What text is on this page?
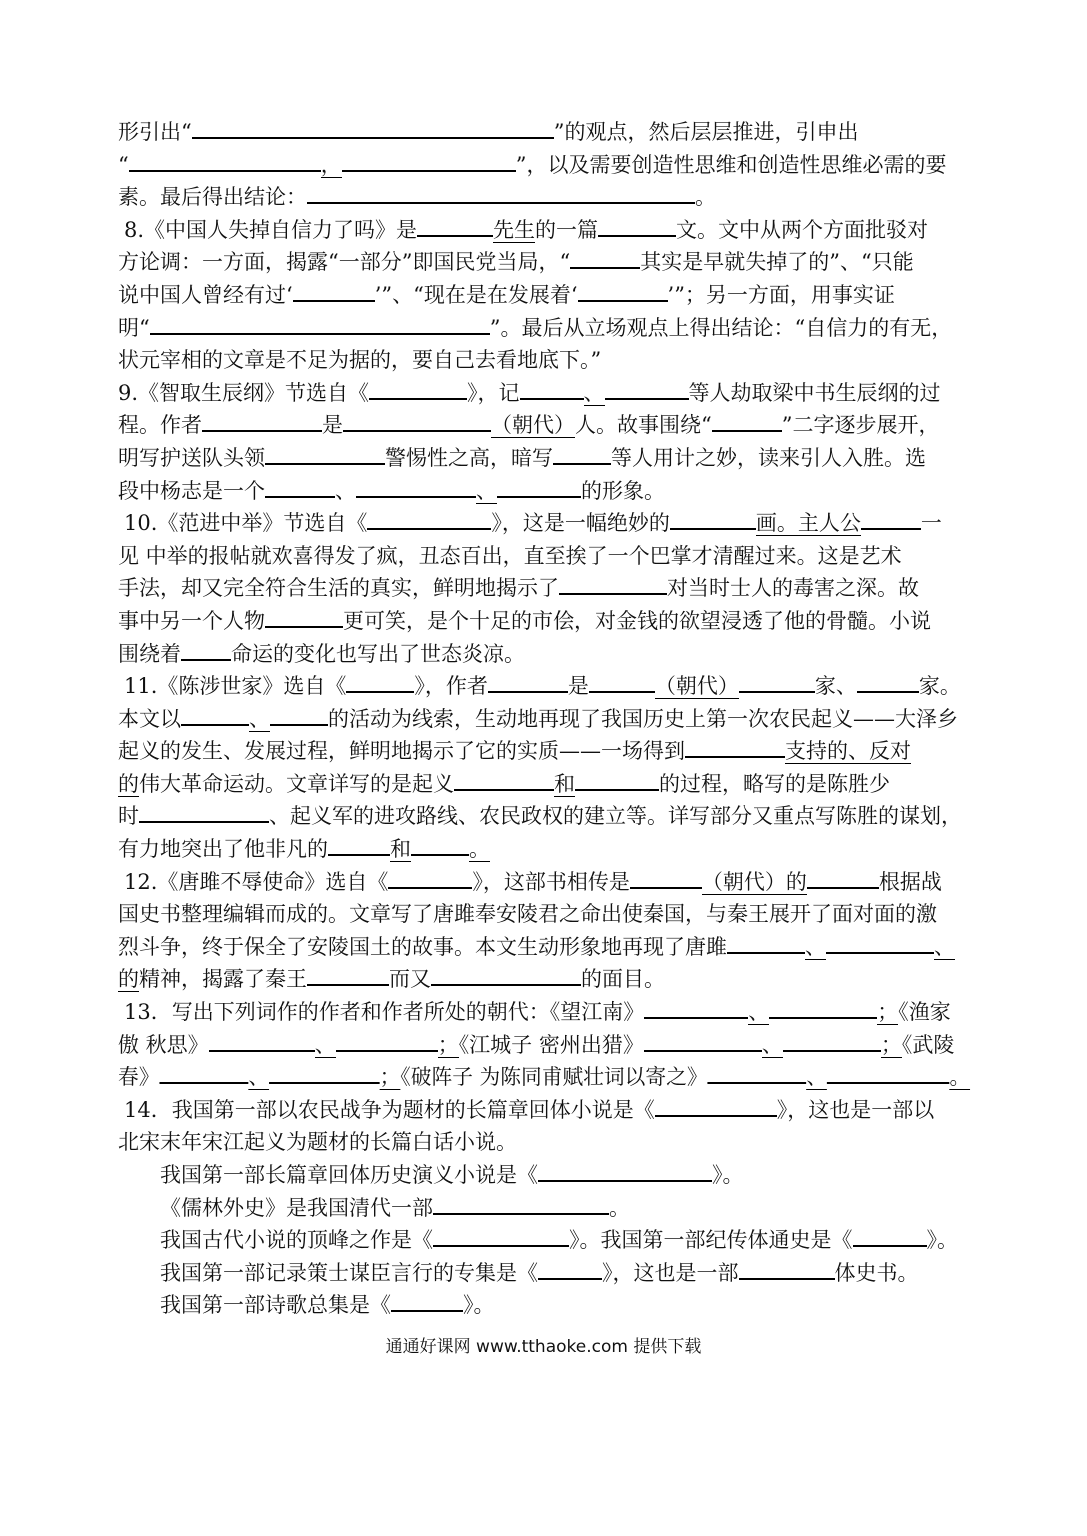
形引出“	”的观点，然后层层推进，引申出
“	，	”，以及需要创造性思维和创造性思维必需的要
素。最后得出结论：	。
8.《中国人失掉自信力了吗》是	先生的一篇	文。文中从两个方面批驳对
方论调：一方面，揭露“一部分”即国民党当局，“	其实是早就失掉了的”、“只能
说中国人曾经有过‘	’”、“现在是在发展着‘	’”；另一方面，用事实证
明“	”。最后从立场观点上得出结论：“自信力的有无，
状元宰相的文章是不足为据的，要自己去看地底下。”
9.《智取生辰纲》节选自《	》，记	、	等人劫取梁中书生辰纲的过
程。作者	是	（朝代）人。故事围绕“	”二字逐步展开，
明写护送队头领	警惕性之高，暗写	等人用计之妙，读来引人入胜。选
段中杨志是一个	、	、	的形象。
10.《范进中举》节选自《	》，这是一幅绝妙的	画。主人公	一
见 中举的报帖就欢喜得发了疯，丑态百出，直至挨了一个巴掌才清醒过来。这是艺术
手法，却又完全符合生活的真实，鲜明地揭示了	对当时士人的毒害之深。故
事中另一个人物	更可笑，是个十足的市侩，对金钱的欲望浸透了他的骨髓。小说
围绕着 命运的变化也写出了世态炎凉。
11.《陈涉世家》选自《	》，作者	是	（朝代）	家、	家。
本文以	、	的活动为线索，生动地再现了我国历史上第一次农民起义——大泽乡
起义的发生、发展过程，鲜明地揭示了它的实质——一场得到	支持的、反对
的伟大革命运动。文章详写的是起义	和	的过程，略写的是陈胜少
时	、起义军的进攻路线、农民政权的建立等。详写部分又重点写陈胜的谋划，
有力地突出了他非凡的	和	。
12.《唐雎不辱使命》选自《	》，这部书相传是	（朝代）的	根据战
国史书整理编辑而成的。文章写了唐雎奉安陵君之命出使秦国，与秦王展开了面对面的激
烈斗争，终于保全了安陵国土的故事。本文生动形象地再现了唐雎	、	、
的精神，揭露了秦王	而又	的面目。
13．写出下列词作的作者和作者所处的朝代：《望江南》	、	；《渔家
傲 秋思》	、	；《江城子 密州出猎》	、	；《武陵
春》	、	；《破阵子 为陈同甫赋壮词以寄之》	、	。
14．我国第一部以农民战争为题材的长篇章回体小说是《	》，这也是一部以
北宋末年宋江起义为题材的长篇白话小说。
我国第一部长篇章回体历史演义小说是《	》。
《儒林外史》是我国清代一部	。
我国古代小说的顶峰之作是《	》。我国第一部纪传体通史是《	》。
我国第一部记录策士谋臣言行的专集是《	》，这也是一部	体史书。
我国第一部诗歌总集是《	》。
通通好课网 www.tthaoke.com 提供下载
